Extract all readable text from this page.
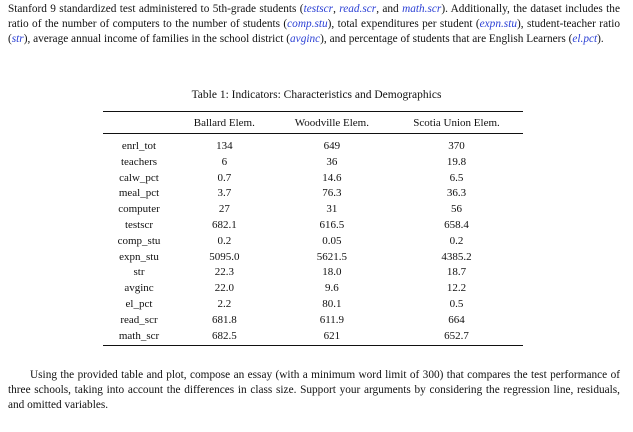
Stanford 9 standardized test administered to 5th-grade students (testscr, read.scr, and math.scr). Additionally, the dataset includes the ratio of the number of computers to the number of students (comp.stu), total expenditures per student (expn.stu), student-teacher ratio (str), average annual income of families in the school district (avginc), and percentage of students that are English Learners (el.pct).
Table 1: Indicators: Characteristics and Demographics
	Ballard Elem.	Woodville Elem.	Scotia Union Elem.
enrl_tot	134	649	370
teachers	6	36	19.8
calw_pct	0.7	14.6	6.5
meal_pct	3.7	76.3	36.3
computer	27	31	56
testscr	682.1	616.5	658.4
comp_stu	0.2	0.05	0.2
expn_stu	5095.0	5621.5	4385.2
str	22.3	18.0	18.7
avginc	22.0	9.6	12.2
el_pct	2.2	80.1	0.5
read_scr	681.8	611.9	664
math_scr	682.5	621	652.7
Using the provided table and plot, compose an essay (with a minimum word limit of 300) that compares the test performance of three schools, taking into account the differences in class size. Support your arguments by considering the regression line, residuals, and omitted variables.
